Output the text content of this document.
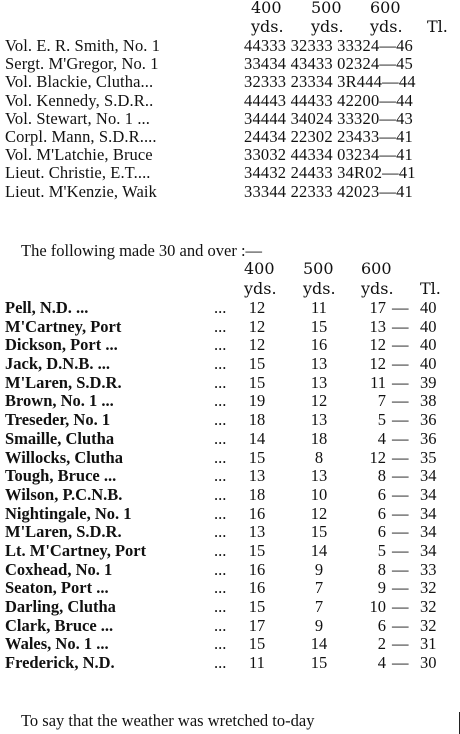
400 500 600
yds. yds. yds. Tl.
Vol. E. R. Smith, No. 1	44333 32333 33324—46
Sergt. M'Gregor, No. 1	33434 43433 02324—45
Vol. Blackie, Clutha...	32333 23334 3R444—44
Vol. Kennedy, S.D.R..	44443 44433 42200—44
Vol. Stewart, No. 1 ...	34444 34024 33320—43
Corpl. Mann, S.D.R....	24434 22302 23433—41
Vol. M'Latchie, Bruce	33032 44334 03234—41
Lieut. Christie, E.T....	34432 24433 34R02—41
Lieut. M'Kenzie, Waik	33344 22333 42023—41
The following made 30 and over :—
400 500 600
yds. yds. yds. Tl.
Pell, N.D. ...	... 12	11	17 — 40
M'Cartney, Port	... 12	15	13 — 40
Dickson, Port ...	... 12	16	12 — 40
Jack, D.N.B. ...	... 15	13	12 — 40
M'Laren, S.D.R.	... 15	13	11 — 39
Brown, No. 1 ...	... 19	12	7 — 38
Treseder, No. 1	... 18	13	5 — 36
Smaille, Clutha	... 14	18	4 — 36
Willocks, Clutha	... 15	8	12 — 35
Tough, Bruce ...	... 13	13	8 — 34
Wilson, P.C.N.B.	... 18	10	6 — 34
Nightingale, No. 1	... 16	12	6 — 34
M'Laren, S.D.R.	... 13	15	6 — 34
Lt. M'Cartney, Port	... 15	14	5 — 34
Coxhead, No. 1	... 16	9	8 — 33
Seaton, Port ...	... 16	7	9 — 32
Darling, Clutha	... 15	7	10 — 32
Clark, Bruce ...	... 17	9	6 — 32
Wales, No. 1 ...	... 15	14	2 — 31
Frederick, N.D.	...	11	15	4 — 30
To say that the weather was wretched to-day
